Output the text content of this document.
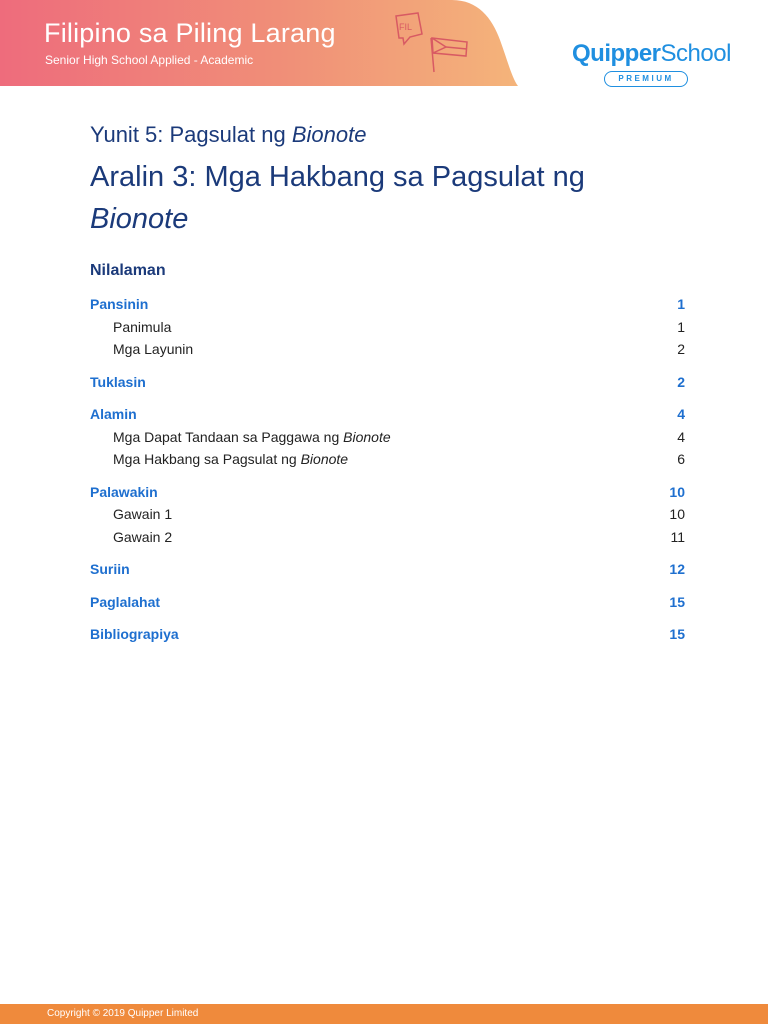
FIL
Filipino sa Piling Larang
Senior High School Applied - Academic	QuipperSchool
PREMIUM
Yunit 5: Pagsulat ng Bionote
Aralin 3: Mga Hakbang sa Pagsulat ng Bionote
Nilalaman
Pansinin	1
Panimula	1
Mga Layunin	2
Tuklasin	2
Alamin	4
Mga Dapat Tandaan sa Paggawa ng Bionote	4
Mga Hakbang sa Pagsulat ng Bionote	6
Palawakin	10
Gawain 1	10
Gawain 2	11
Suriin	12
Paglalahat	15
Bibliograpiya	15
Copyright © 2019 Quipper Limited
